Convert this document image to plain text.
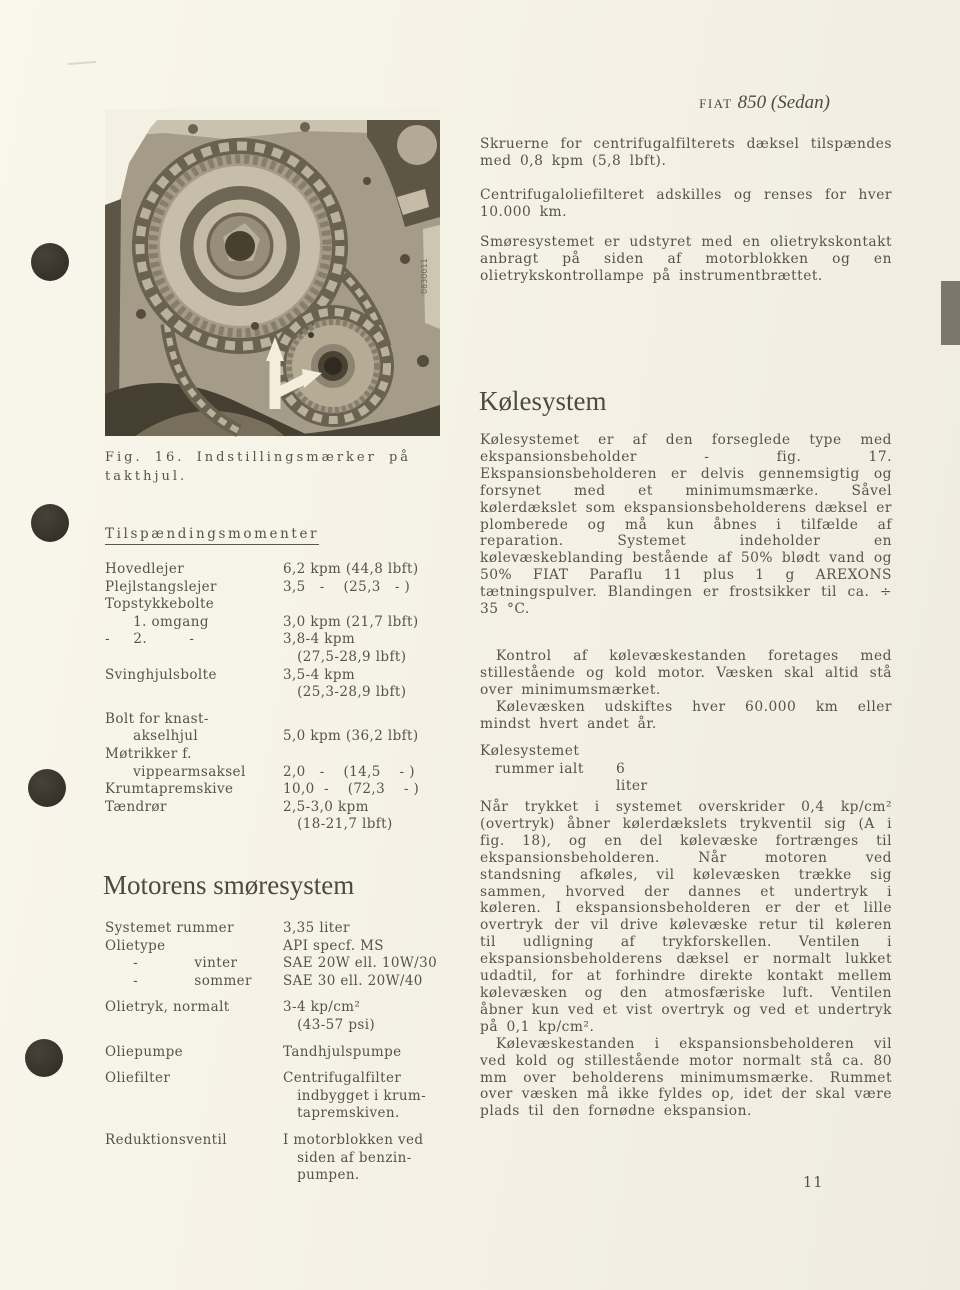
FIAT 850 (Sedan)
0830011
Fig. 16. Indstillingsmærker på takthjul.
Tilspændingsmomenter
Hovedlejer	6,2 kpm (44,8 lbft)
Plejlstangslejer	3,5   -    (25,3   - )
Topstykkebolte
1. omgang	3,0 kpm (21,7 lbft)
-     2.         -	3,8-4 kpm
(27,5-28,9 lbft)
Svinghjulsbolte	3,5-4 kpm
(25,3-28,9 lbft)
Bolt for knast-
akselhjul	5,0 kpm (36,2 lbft)
Møtrikker f.
vippearmsaksel	2,0   -    (14,5    - )
Krumtapremskive	10,0  -    (72,3    - )
Tændrør	2,5-3,0 kpm
(18-21,7 lbft)
Motorens smøresystem
Systemet rummer	3,35 liter
Olietype	API specf. MS
-            vinter	SAE 20W ell. 10W/30
-            sommer	SAE 30 ell. 20W/40
Olietryk, normalt	3-4 kp/cm²
(43-57 psi)
Oliepumpe	Tandhjulspumpe
Oliefilter	Centrifugalfilter
indbygget i krum-
tapremskiven.
Reduktionsventil	I motorblokken ved
siden af benzin-
pumpen.
Skruerne for centrifugalfilterets dæksel tilspændes med 0,8 kpm (5,8 lbft).
Centrifugaloliefilteret adskilles og renses for hver 10.000 km.
Smøresystemet er udstyret med en olietrykskontakt anbragt på siden af motorblokken og en olietrykskontrollampe på instrumentbrættet.
Kølesystem
Kølesystemet er af den forseglede type med ekspansionsbeholder - fig. 17. Ekspansionsbeholderen er delvis gennemsigtig og forsynet med et minimumsmærke. Såvel kølerdækslet som ekspansionsbeholderens dæksel er plomberede og må kun åbnes i tilfælde af reparation. Systemet indeholder en kølevæskeblanding bestående af 50% blødt vand og 50% FIAT Paraflu 11 plus 1 g AREXONS tætningspulver. Blandingen er frostsikker til ca. ÷ 35 °C.

Kontrol af kølevæskestanden foretages med stillestående og kold motor. Væsken skal altid stå over minimumsmærket.

Kølevæsken udskiftes hver 60.000 km eller mindst hvert andet år.

Kølesystemet
rummer ialt 6 liter

Når trykket i systemet overskrider 0,4 kp/cm² (overtryk) åbner kølerdækslets trykventil sig (A i fig. 18), og en del kølevæske fortrænges til ekspansionsbeholderen. Når motoren ved standsning afkøles, vil kølevæsken trække sig sammen, hvorved der dannes et undertryk i køleren. I ekspansionsbeholderen er der et lille overtryk der vil drive kølevæske retur til køleren til udligning af trykforskellen. Ventilen i ekspansionsbeholderens dæksel er normalt lukket udadtil, for at forhindre direkte kontakt mellem kølevæsken og den atmosfæriske luft. Ventilen åbner kun ved et vist overtryk og ved et undertryk på 0,1 kp/cm².

Kølevæskestanden i ekspansionsbeholderen vil ved kold og stillestående motor normalt stå ca. 80 mm over beholderens minimumsmærke. Rummet over væsken må ikke fyldes op, idet der skal være plads til den fornødne ekspansion.

11
